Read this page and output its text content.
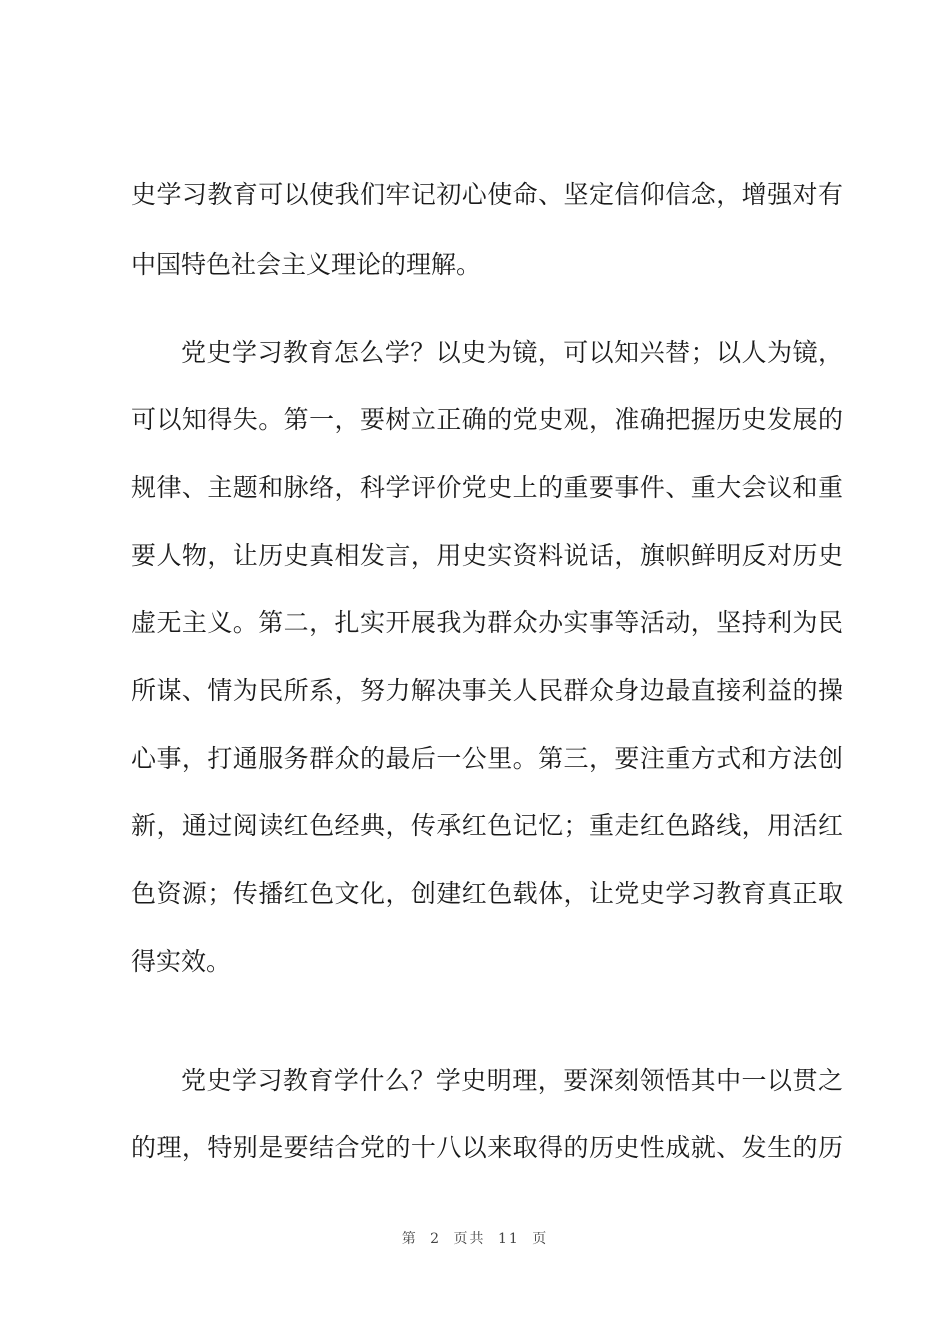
史学习教育可以使我们牢记初心使命、坚定信仰信念，增强对有
中国特色社会主义理论的理解。
党史学习教育怎么学？以史为镜，可以知兴替；以人为镜，
可以知得失。第一，要树立正确的党史观，准确把握历史发展的
规律、主题和脉络，科学评价党史上的重要事件、重大会议和重
要人物，让历史真相发言，用史实资料说话，旗帜鲜明反对历史
虚无主义。第二，扎实开展我为群众办实事等活动，坚持利为民
所谋、情为民所系，努力解决事关人民群众身边最直接利益的操
心事，打通服务群众的最后一公里。第三，要注重方式和方法创
新，通过阅读红色经典，传承红色记忆；重走红色路线，用活红
色资源；传播红色文化，创建红色载体，让党史学习教育真正取
得实效。
党史学习教育学什么？学史明理，要深刻领悟其中一以贯之
的理，特别是要结合党的十八以来取得的历史性成就、发生的历
第 2 页共 11 页
